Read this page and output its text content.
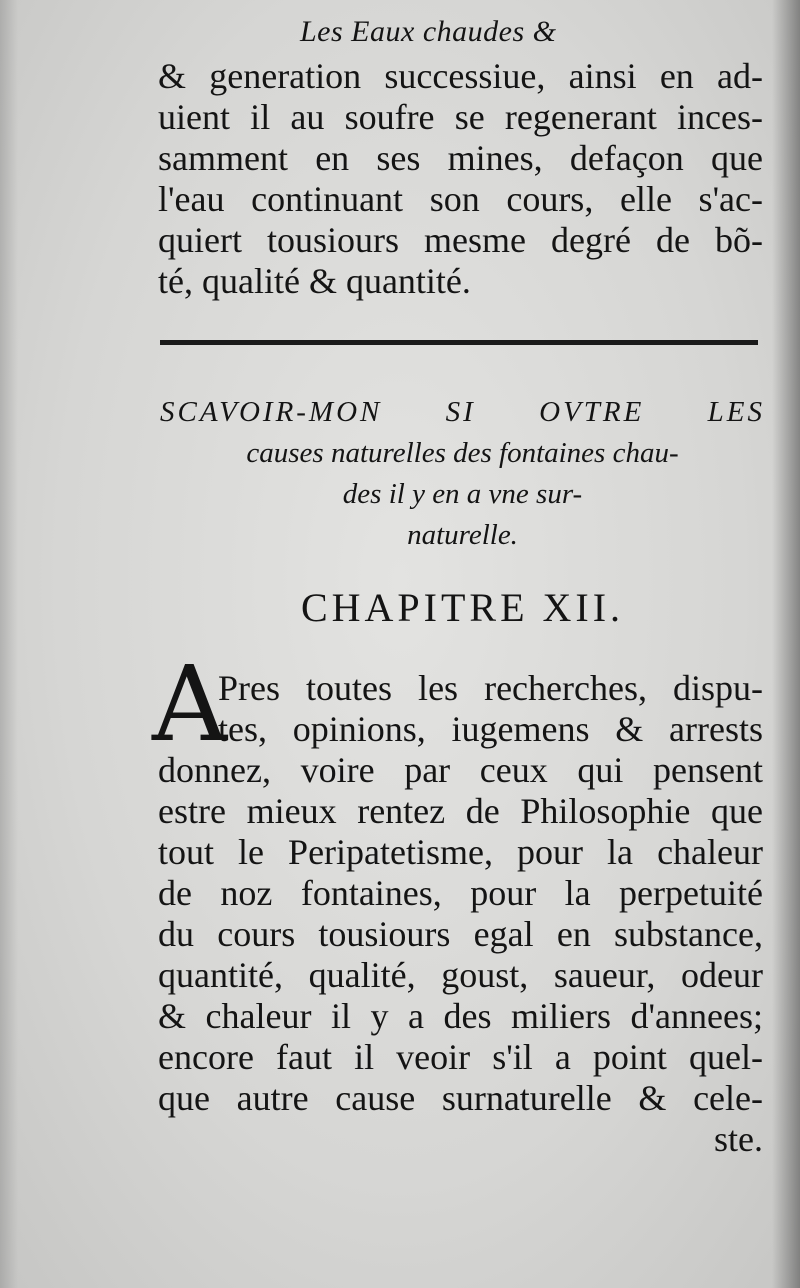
Les Eaux chaudes &
& generation successiue, ainsi en ad-
uient il au soufre se regenerant inces-
samment en ses mines, defaçon que
l'eau continuant son cours, elle s'ac-
quiert tousiours mesme degré de bõ-
té, qualité & quantité.
SCAVOIR-MON SI OVTRE LES
causes naturelles des fontaines chau-
des il y en a vne sur-
naturelle.
CHAPITRE XII.
A
Pres toutes les recherches, dispu-
tes, opinions, iugemens & arrests
donnez, voire par ceux qui pensent
estre mieux rentez de Philosophie que
tout le Peripatetisme, pour la chaleur
de noz fontaines, pour la perpetuité
du cours tousiours egal en substance,
quantité, qualité, goust, saueur, odeur
& chaleur il y a des miliers d'annees;
encore faut il veoir s'il a point quel-
que autre cause surnaturelle & cele-
ste.
